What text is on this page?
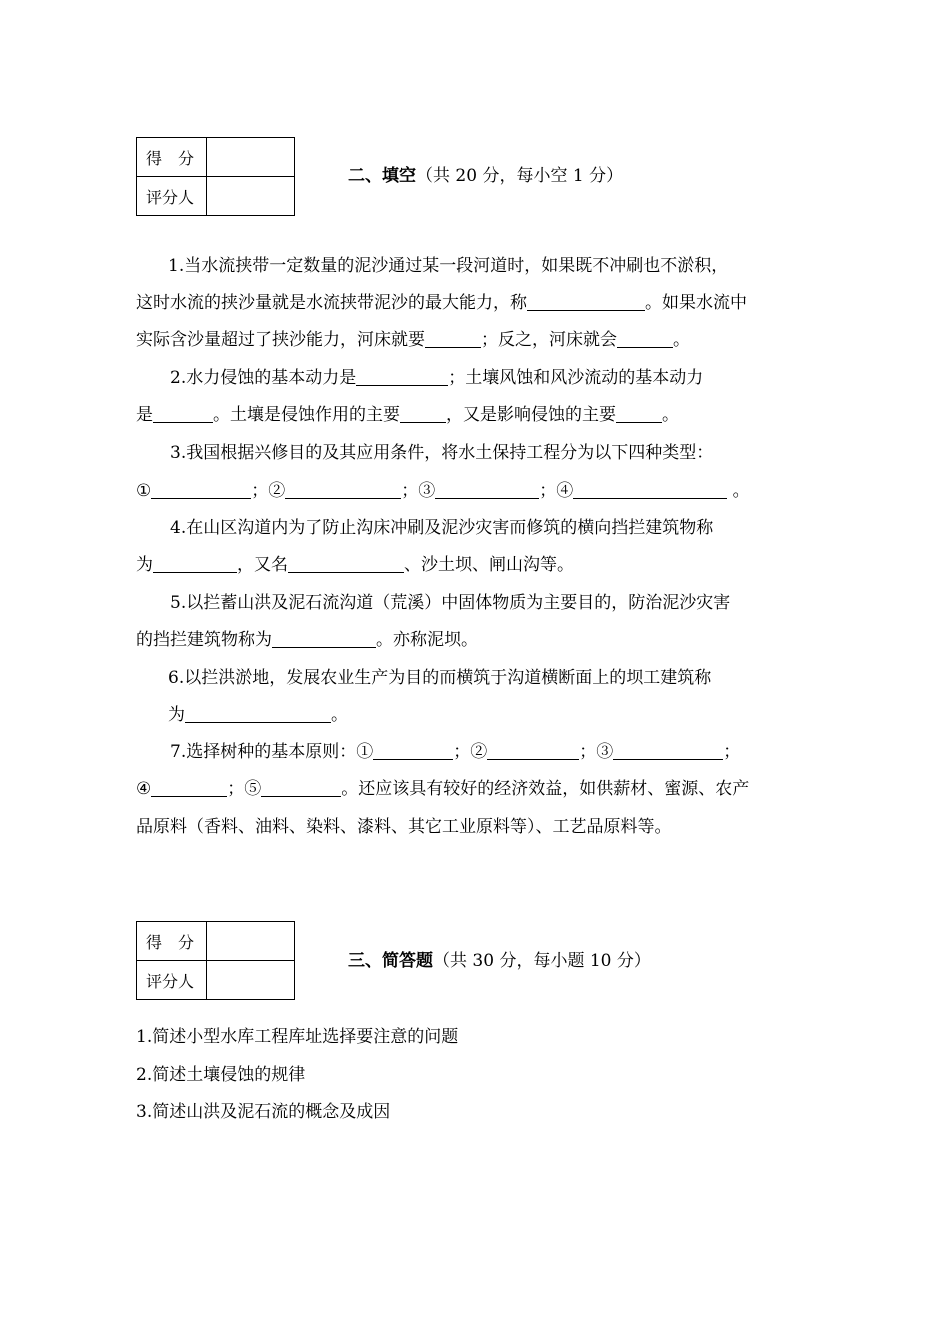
得　分	
评分人	
二、填空（共 20 分，每小空 1 分）
1.当水流挟带一定数量的泥沙通过某一段河道时，如果既不冲刷也不淤积，
这时水流的挟沙量就是水流挟带泥沙的最大能力，称	。如果水流中
实际含沙量超过了挟沙能力，河床就要	；反之，河床就会	。
2.水力侵蚀的基本动力是	；土壤风蚀和风沙流动的基本动力
是	。土壤是侵蚀作用的主要	，又是影响侵蚀的主要	。
3.我国根据兴修目的及其应用条件，将水土保持工程分为以下四种类型：
①	；②	；③	；④	。
4.在山区沟道内为了防止沟床冲刷及泥沙灾害而修筑的横向挡拦建筑物称
为	，又名	、沙土坝、闸山沟等。
5.以拦蓄山洪及泥石流沟道（荒溪）中固体物质为主要目的，防治泥沙灾害
的挡拦建筑物称为	。亦称泥坝。
6.以拦洪淤地，发展农业生产为目的而横筑于沟道横断面上的坝工建筑称
为	。
7.选择树种的基本原则：①	；②	；③	；
④	；⑤	。还应该具有较好的经济效益，如供薪材、蜜源、农产
品原料（香料、油料、染料、漆料、其它工业原料等）、工艺品原料等。
得　分	
评分人	
三、简答题（共 30 分，每小题 10 分）
1.简述小型水库工程库址选择要注意的问题
2.简述土壤侵蚀的规律
3.简述山洪及泥石流的概念及成因
